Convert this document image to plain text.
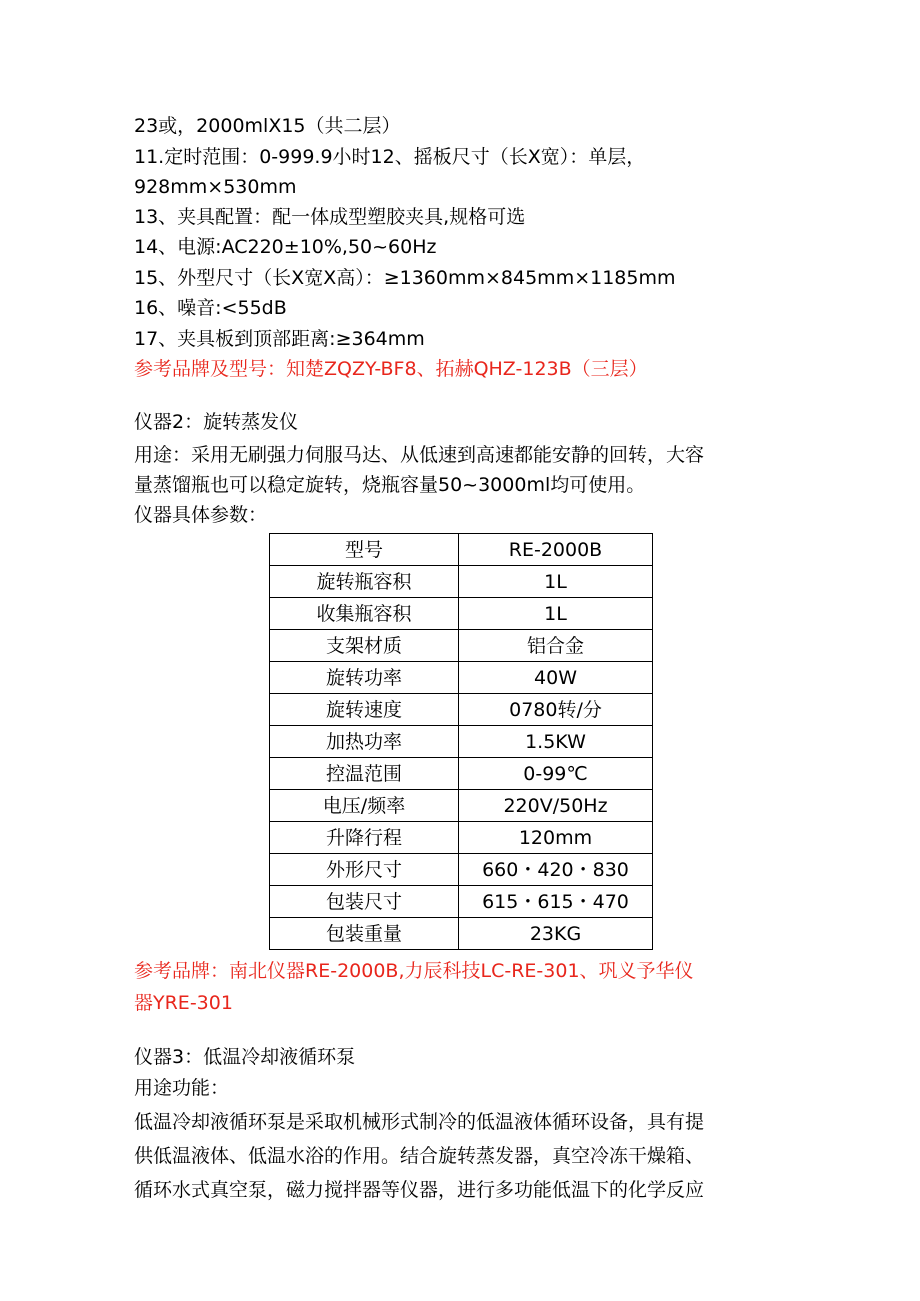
23或，2000mlX15（共二层）
11.定时范围：0-999.9小时12、摇板尺寸（长X宽）：单层，
928mm×530mm
13、夹具配置：配一体成型塑胶夹具,规格可选
14、电源:AC220±10%,50~60Hz
15、外型尺寸（长X宽X高）：≥1360mm×845mm×1185mm
16、噪音:<55dB
17、夹具板到顶部距离:≥364mm
参考品牌及型号：知楚ZQZY-BF8、拓赫QHZ-123B（三层）
仪器2：旋转蒸发仪
用途：采用无刷强力伺服马达、从低速到高速都能安静的回转，大容
量蒸馏瓶也可以稳定旋转，烧瓶容量50~3000ml均可使用。
仪器具体参数：
型号	RE-2000B
旋转瓶容积	1L
收集瓶容积	1L
支架材质	铝合金
旋转功率	40W
旋转速度	0780转/分
加热功率	1.5KW
控温范围	0-99℃
电压/频率	220V/50Hz
升降行程	120mm
外形尺寸	660・420・830
包装尺寸	615・615・470
包装重量	23KG
参考品牌：南北仪器RE-2000B,力辰科技LC-RE-301、巩义予华仪
器YRE-301
仪器3：低温冷却液循环泵
用途功能：
低温冷却液循环泵是采取机械形式制冷的低温液体循环设备，具有提
供低温液体、低温水浴的作用。结合旋转蒸发器，真空冷冻干燥箱、
循环水式真空泵，磁力搅拌器等仪器，进行多功能低温下的化学反应
